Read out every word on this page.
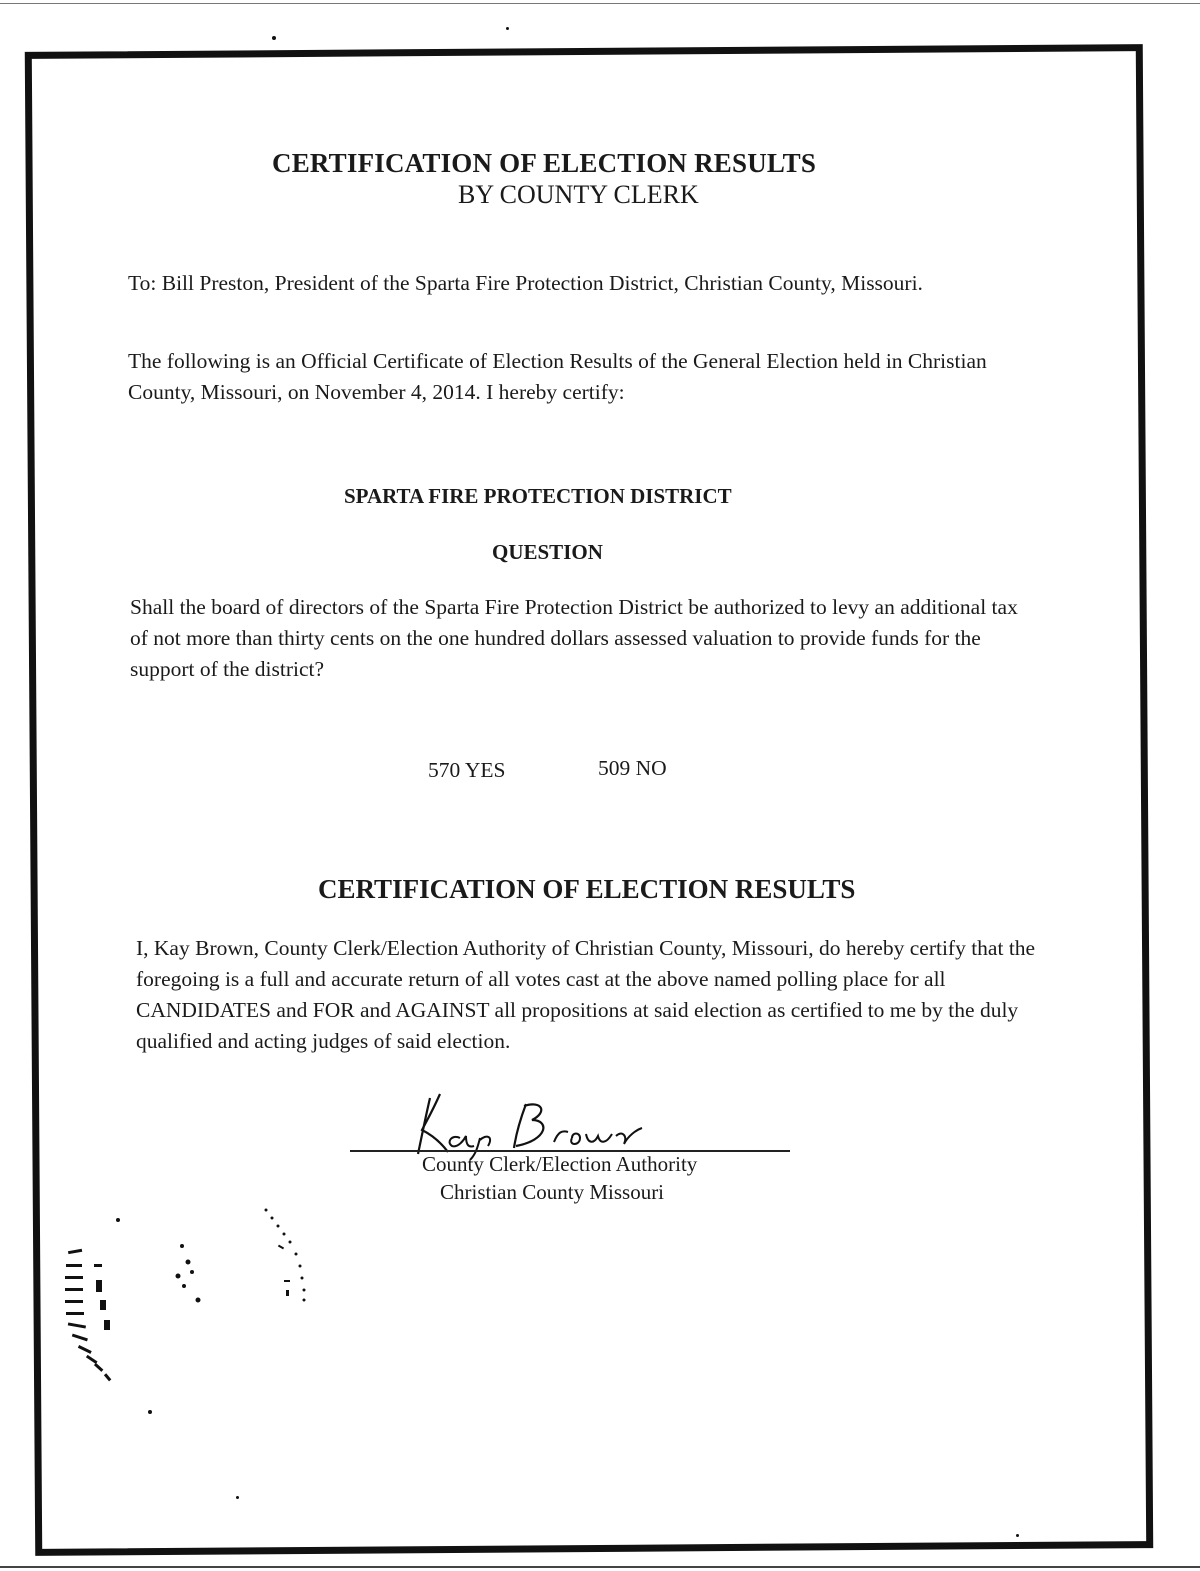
CERTIFICATION OF ELECTION RESULTS
BY COUNTY CLERK
To: Bill Preston, President of the Sparta Fire Protection District, Christian County, Missouri.
The following is an Official Certificate of Election Results of the General Election held in Christian County, Missouri, on November 4, 2014. I hereby certify:
SPARTA FIRE PROTECTION DISTRICT
QUESTION
Shall the board of directors of the Sparta Fire Protection District be authorized to levy an additional tax of not more than thirty cents on the one hundred dollars assessed valuation to provide funds for the support of the district?
570 YES	509 NO
CERTIFICATION OF ELECTION RESULTS
I, Kay Brown, County Clerk/Election Authority of Christian County, Missouri, do hereby certify that the foregoing is a full and accurate return of all votes cast at the above named polling place for all CANDIDATES and FOR and AGAINST all propositions at said election as certified to me by the duly qualified and acting judges of said election.
County Clerk/Election Authority
Christian County Missouri
